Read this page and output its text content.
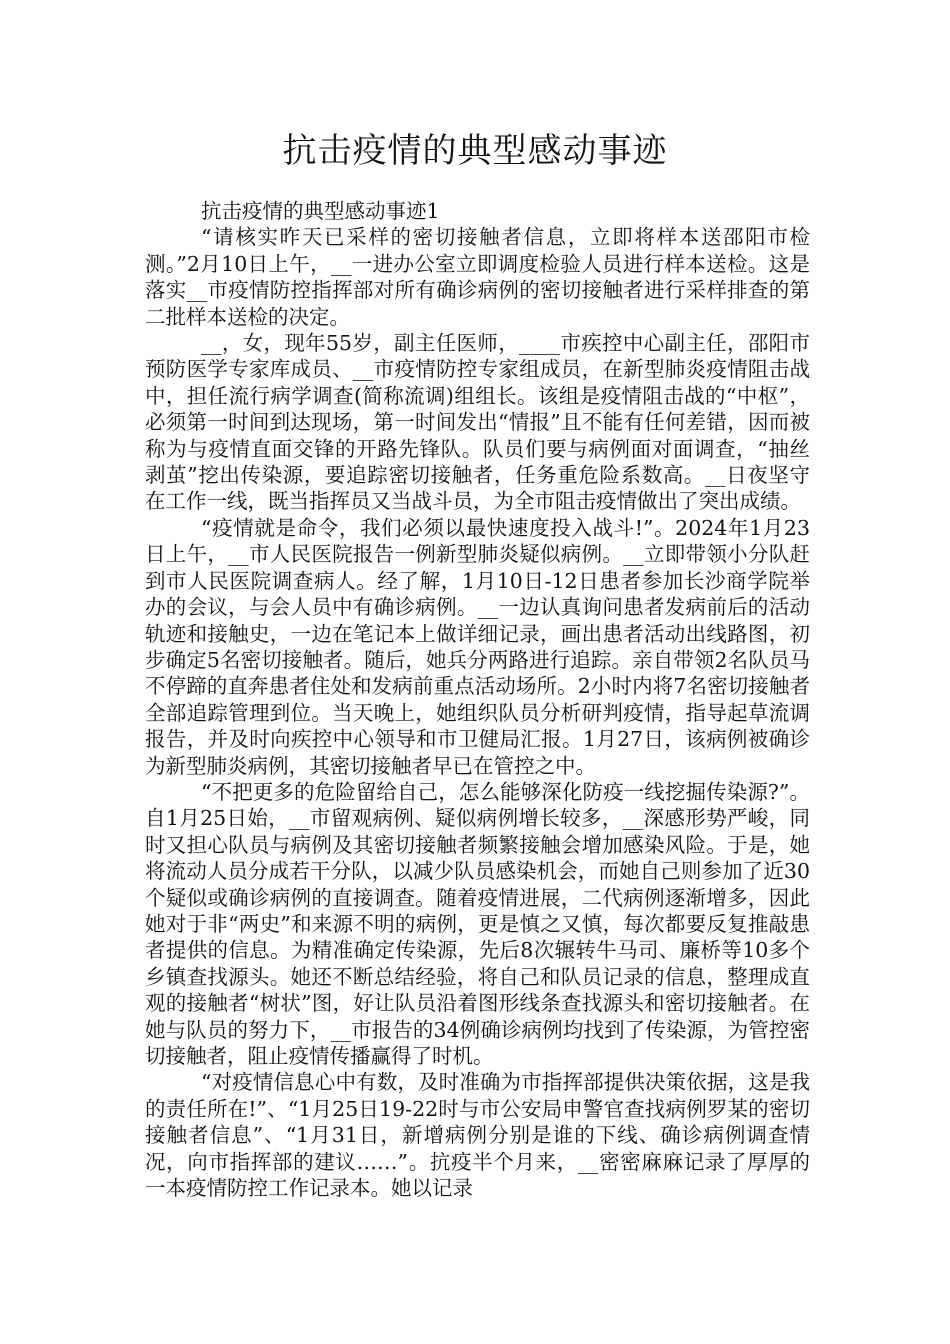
抗击疫情的典型感动事迹

抗击疫情的典型感动事迹1

“请核实昨天已采样的密切接触者信息，立即将样本送邵阳市检测。”2月10日上午，__一进办公室立即调度检验人员进行样本送检。这是落实__市疫情防控指挥部对所有确诊病例的密切接触者进行采样排查的第二批样本送检的决定。

__，女，现年55岁，副主任医师，____市疾控中心副主任，邵阳市预防医学专家库成员、__市疫情防控专家组成员，在新型肺炎疫情阻击战中，担任流行病学调查(简称流调)组组长。该组是疫情阻击战的“中枢”，必须第一时间到达现场，第一时间发出“情报”且不能有任何差错，因而被称为与疫情直面交锋的开路先锋队。队员们要与病例面对面调查，“抽丝剥茧”挖出传染源，要追踪密切接触者，任务重危险系数高。__日夜坚守在工作一线，既当指挥员又当战斗员，为全市阻击疫情做出了突出成绩。

“疫情就是命令，我们必须以最快速度投入战斗!”。2024年1月23日上午，__市人民医院报告一例新型肺炎疑似病例。__立即带领小分队赶到市人民医院调查病人。经了解，1月10日-12日患者参加长沙商学院举办的会议，与会人员中有确诊病例。__一边认真询问患者发病前后的活动轨迹和接触史，一边在笔记本上做详细记录，画出患者活动出线路图，初步确定5名密切接触者。随后，她兵分两路进行追踪。亲自带领2名队员马不停蹄的直奔患者住处和发病前重点活动场所。2小时内将7名密切接触者全部追踪管理到位。当天晚上，她组织队员分析研判疫情，指导起草流调报告，并及时向疾控中心领导和市卫健局汇报。1月27日，该病例被确诊为新型肺炎病例，其密切接触者早已在管控之中。

“不把更多的危险留给自己，怎么能够深化防疫一线挖掘传染源?”。自1月25日始，__市留观病例、疑似病例增长较多，__深感形势严峻，同时又担心队员与病例及其密切接触者频繁接触会增加感染风险。于是，她将流动人员分成若干分队，以减少队员感染机会，而她自己则参加了近30个疑似或确诊病例的直接调查。随着疫情进展，二代病例逐渐增多，因此她对于非“两史”和来源不明的病例，更是慎之又慎，每次都要反复推敲患者提供的信息。为精准确定传染源，先后8次辗转牛马司、廉桥等10多个乡镇查找源头。她还不断总结经验，将自己和队员记录的信息，整理成直观的接触者“树状”图，好让队员沿着图形线条查找源头和密切接触者。在她与队员的努力下，__市报告的34例确诊病例均找到了传染源，为管控密切接触者，阻止疫情传播赢得了时机。

“对疫情信息心中有数，及时准确为市指挥部提供决策依据，这是我的责任所在!”、“1月25日19-22时与市公安局申警官查找病例罗某的密切接触者信息”、“1月31日，新增病例分别是谁的下线、确诊病例调查情况，向市指挥部的建议……”。抗疫半个月来，__密密麻麻记录了厚厚的一本疫情防控工作记录本。她以记录
